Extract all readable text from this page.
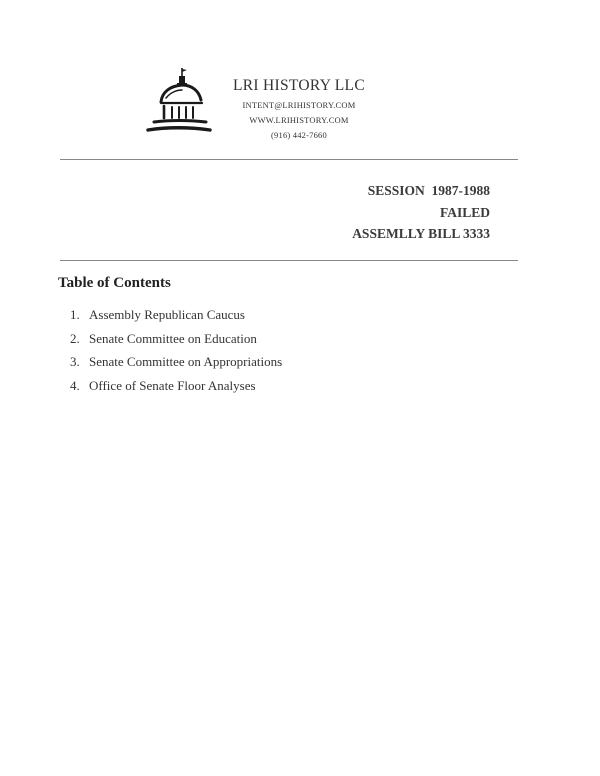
LRI HISTORY LLC
INTENT@LRIHISTORY.COM
WWW.LRIHISTORY.COM
(916) 442-7660
SESSION  1987-1988
FAILED
ASSEMLLY BILL 3333
Table of Contents
1. Assembly Republican Caucus
2. Senate Committee on Education
3. Senate Committee on Appropriations
4. Office of Senate Floor Analyses
